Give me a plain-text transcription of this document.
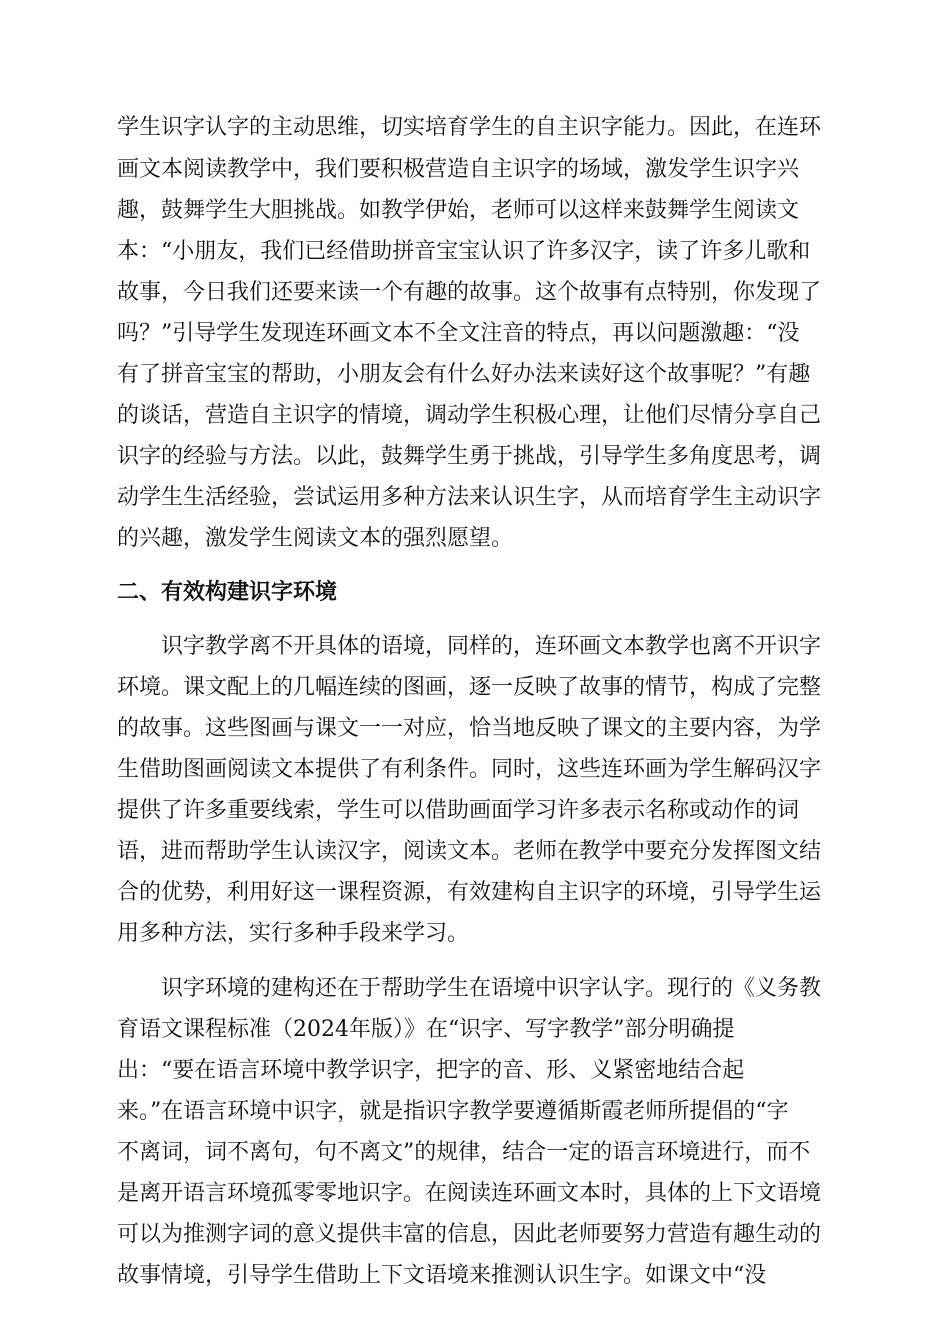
学生识字认字的主动思维，切实培育学生的自主识字能力。因此，在连环
画文本阅读教学中，我们要积极营造自主识字的场域，激发学生识字兴
趣，鼓舞学生大胆挑战。如教学伊始，老师可以这样来鼓舞学生阅读文
本：“小朋友，我们已经借助拼音宝宝认识了许多汉字，读了许多儿歌和
故事，今日我们还要来读一个有趣的故事。这个故事有点特别，你发现了
吗？”引导学生发现连环画文本不全文注音的特点，再以问题激趣：“没
有了拼音宝宝的帮助，小朋友会有什么好办法来读好这个故事呢？”有趣
的谈话，营造自主识字的情境，调动学生积极心理，让他们尽情分享自己
识字的经验与方法。以此，鼓舞学生勇于挑战，引导学生多角度思考，调
动学生生活经验，尝试运用多种方法来认识生字，从而培育学生主动识字
的兴趣，激发学生阅读文本的强烈愿望。
二、有效构建识字环境
识字教学离不开具体的语境，同样的，连环画文本教学也离不开识字
环境。课文配上的几幅连续的图画，逐一反映了故事的情节，构成了完整
的故事。这些图画与课文一一对应，恰当地反映了课文的主要内容，为学
生借助图画阅读文本提供了有利条件。同时，这些连环画为学生解码汉字
提供了许多重要线索，学生可以借助画面学习许多表示名称或动作的词
语，进而帮助学生认读汉字，阅读文本。老师在教学中要充分发挥图文结
合的优势，利用好这一课程资源，有效建构自主识字的环境，引导学生运
用多种方法，实行多种手段来学习。
识字环境的建构还在于帮助学生在语境中识字认字。现行的《义务教
育语文课程标准（2024年版）》在“识字、写字教学”部分明确提
出：“要在语言环境中教学识字，把字的音、形、义紧密地结合起
来。”在语言环境中识字，就是指识字教学要遵循斯霞老师所提倡的“字
不离词，词不离句，句不离文”的规律，结合一定的语言环境进行，而不
是离开语言环境孤零零地识字。在阅读连环画文本时，具体的上下文语境
可以为推测字词的意义提供丰富的信息，因此老师要努力营造有趣生动的
故事情境，引导学生借助上下文语境来推测认识生字。如课文中“没
